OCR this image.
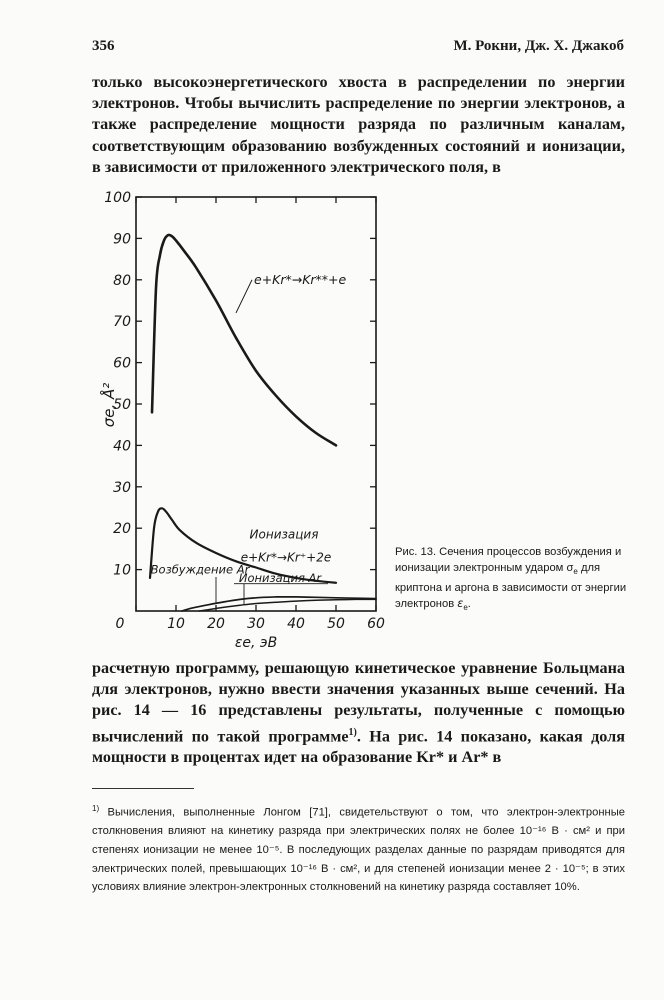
356	М. Рокни, Дж. Х. Джакоб

только высокоэнергетического хвоста в распределении по энергии электронов. Чтобы вычислить распределение по энергии электронов, а также распределение мощности разряда по различным каналам, соответствующим образованию возбужденных состояний и ионизации, в зависимости от приложенного электрического поля, в

10
20
30
40
50
60
70
80
90
100
0	10 20 30 40 50 60
σe, Å²
εe, эВ
e+Kr*→Kr**+e
Ионизация
e+Kr*→Kr⁺+2e
Возбуждение Ar
Ионизация Ar

Рис. 13. Сечения процессов возбуждения и ионизации электронным ударом $\sigma_e$ для криптона и аргона в зависимости от энергии электронов $\varepsilon_e$.

расчетную программу, решающую кинетическое уравнение Больцмана для электронов, нужно ввести значения указанных выше сечений. На рис. 14 — 16 представлены результаты, полученные с помощью вычислений по такой программе$^{1)}$. На рис. 14 показано, какая доля мощности в процентах идет на образование Kr* и Ar* в

$^{1)}$ Вычисления, выполненные Лонгом [71], свидетельствуют о том, что электрон-электронные столкновения влияют на кинетику разряда при электрических полях не более 10⁻¹⁶ В · см² и при степенях ионизации не менее 10⁻⁵. В последующих разделах данные по разрядам приводятся для электрических полей, превышающих 10⁻¹⁶ В · см², и для степеней ионизации менее 2 · 10⁻⁵; в этих условиях влияние электрон-электронных столкновений на кинетику разряда составляет 10%.
